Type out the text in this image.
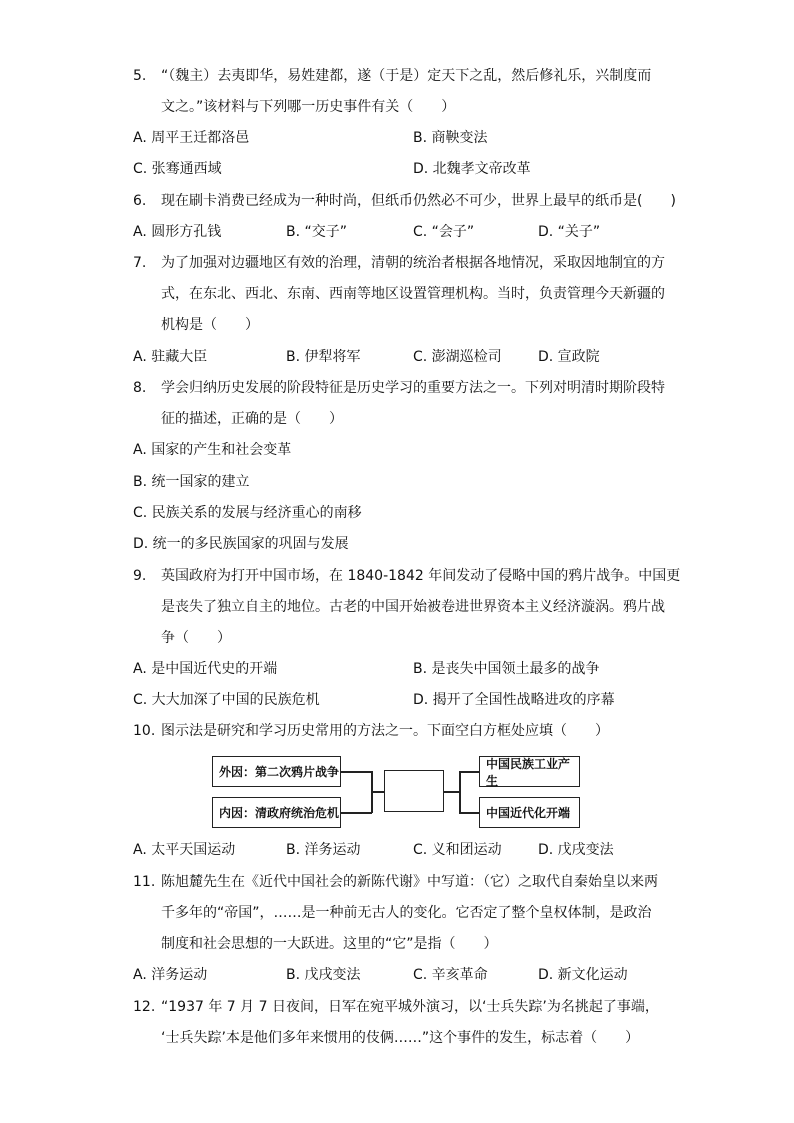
5. “（魏主）去夷即华，易姓建都，遂（于是）定天下之乱，然后修礼乐，兴制度而
文之。”该材料与下列哪一历史事件有关（　　）
A. 周平王迁都洛邑	B. 商鞅变法
C. 张骞通西域	D. 北魏孝文帝改革
6. 现在刷卡消费已经成为一种时尚，但纸币仍然必不可少，世界上最早的纸币是(　　)
A. 圆形方孔钱	B. “交子”	C. “会子”	D. “关子”
7. 为了加强对边疆地区有效的治理，清朝的统治者根据各地情况，采取因地制宜的方
式，在东北、西北、东南、西南等地区设置管理机构。当时，负责管理今天新疆的
机构是（　　）
A. 驻藏大臣	B. 伊犁将军	C. 澎湖巡检司	D. 宣政院
8. 学会归纳历史发展的阶段特征是历史学习的重要方法之一。下列对明清时期阶段特
征的描述，正确的是（　　）
A. 国家的产生和社会变革
B. 统一国家的建立
C. 民族关系的发展与经济重心的南移
D. 统一的多民族国家的巩固与发展
9. 英国政府为打开中国市场，在 1840-1842 年间发动了侵略中国的鸦片战争。中国更
是丧失了独立自主的地位。古老的中国开始被卷进世界资本主义经济漩涡。鸦片战
争（　　）
A. 是中国近代史的开端	B. 是丧失中国领土最多的战争
C. 大大加深了中国的民族危机	D. 揭开了全国性战略进攻的序幕
10. 图示法是研究和学习历史常用的方法之一。下面空白方框处应填（　　）
外因：第二次鸦片战争
内因：清政府统治危机
中国民族工业产生
中国近代化开端
A. 太平天国运动	B. 洋务运动	C. 义和团运动	D. 戊戌变法
11. 陈旭麓先生在《近代中国社会的新陈代谢》中写道：（它）之取代自秦始皇以来两
千多年的“帝国”，……是一种前无古人的变化。它否定了整个皇权体制，是政治
制度和社会思想的一大跃进。这里的“它”是指（　　）
A. 洋务运动	B. 戊戌变法	C. 辛亥革命	D. 新文化运动
12. “1937 年 7 月 7 日夜间，日军在宛平城外演习，以‘士兵失踪’为名挑起了事端，
‘士兵失踪’本是他们多年来惯用的伎俩……”这个事件的发生，标志着（　　）
